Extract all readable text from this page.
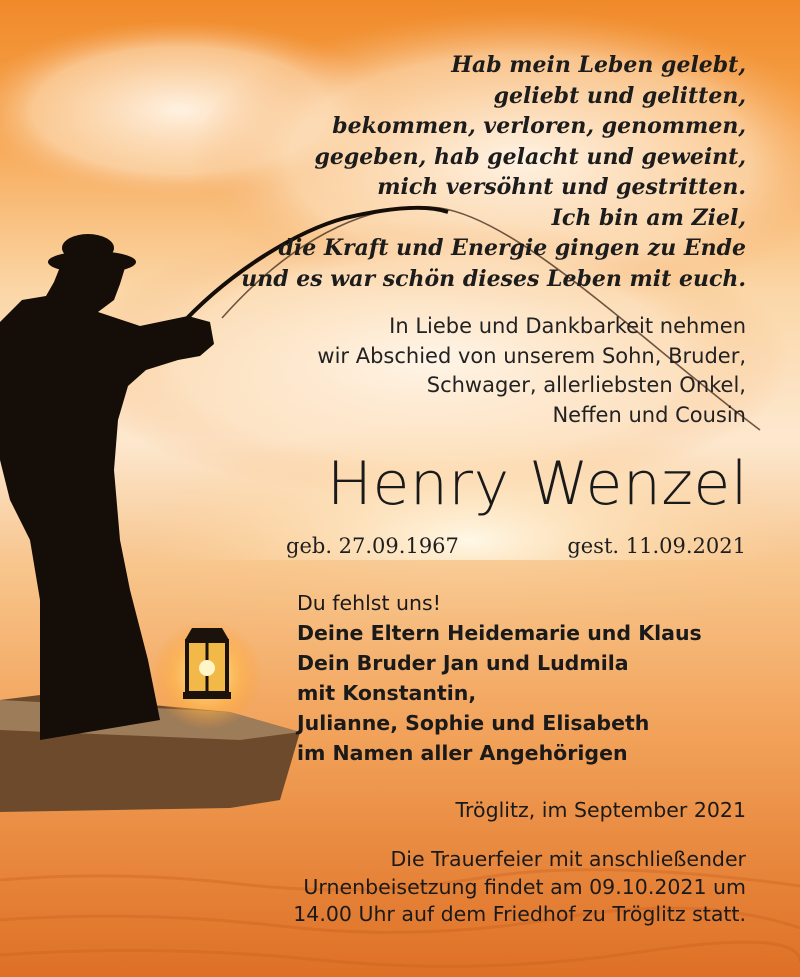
Hab mein Leben gelebt,
geliebt und gelitten,
bekommen, verloren, genommen,
gegeben, hab gelacht und geweint,
mich versöhnt und gestritten.
Ich bin am Ziel,
die Kraft und Energie gingen zu Ende
und es war schön dieses Leben mit euch.
In Liebe und Dankbarkeit nehmen
wir Abschied von unserem Sohn, Bruder,
Schwager, allerliebsten Onkel,
Neffen und Cousin
Henry Wenzel
geb. 27.09.1967	gest. 11.09.2021
Du fehlst uns!
Deine Eltern Heidemarie und Klaus
Dein Bruder Jan und Ludmila
mit Konstantin,
Julianne, Sophie und Elisabeth
im Namen aller Angehörigen
Tröglitz, im September 2021
Die Trauerfeier mit anschließender
Urnenbeisetzung findet am 09.10.2021 um
14.00 Uhr auf dem Friedhof zu Tröglitz statt.
